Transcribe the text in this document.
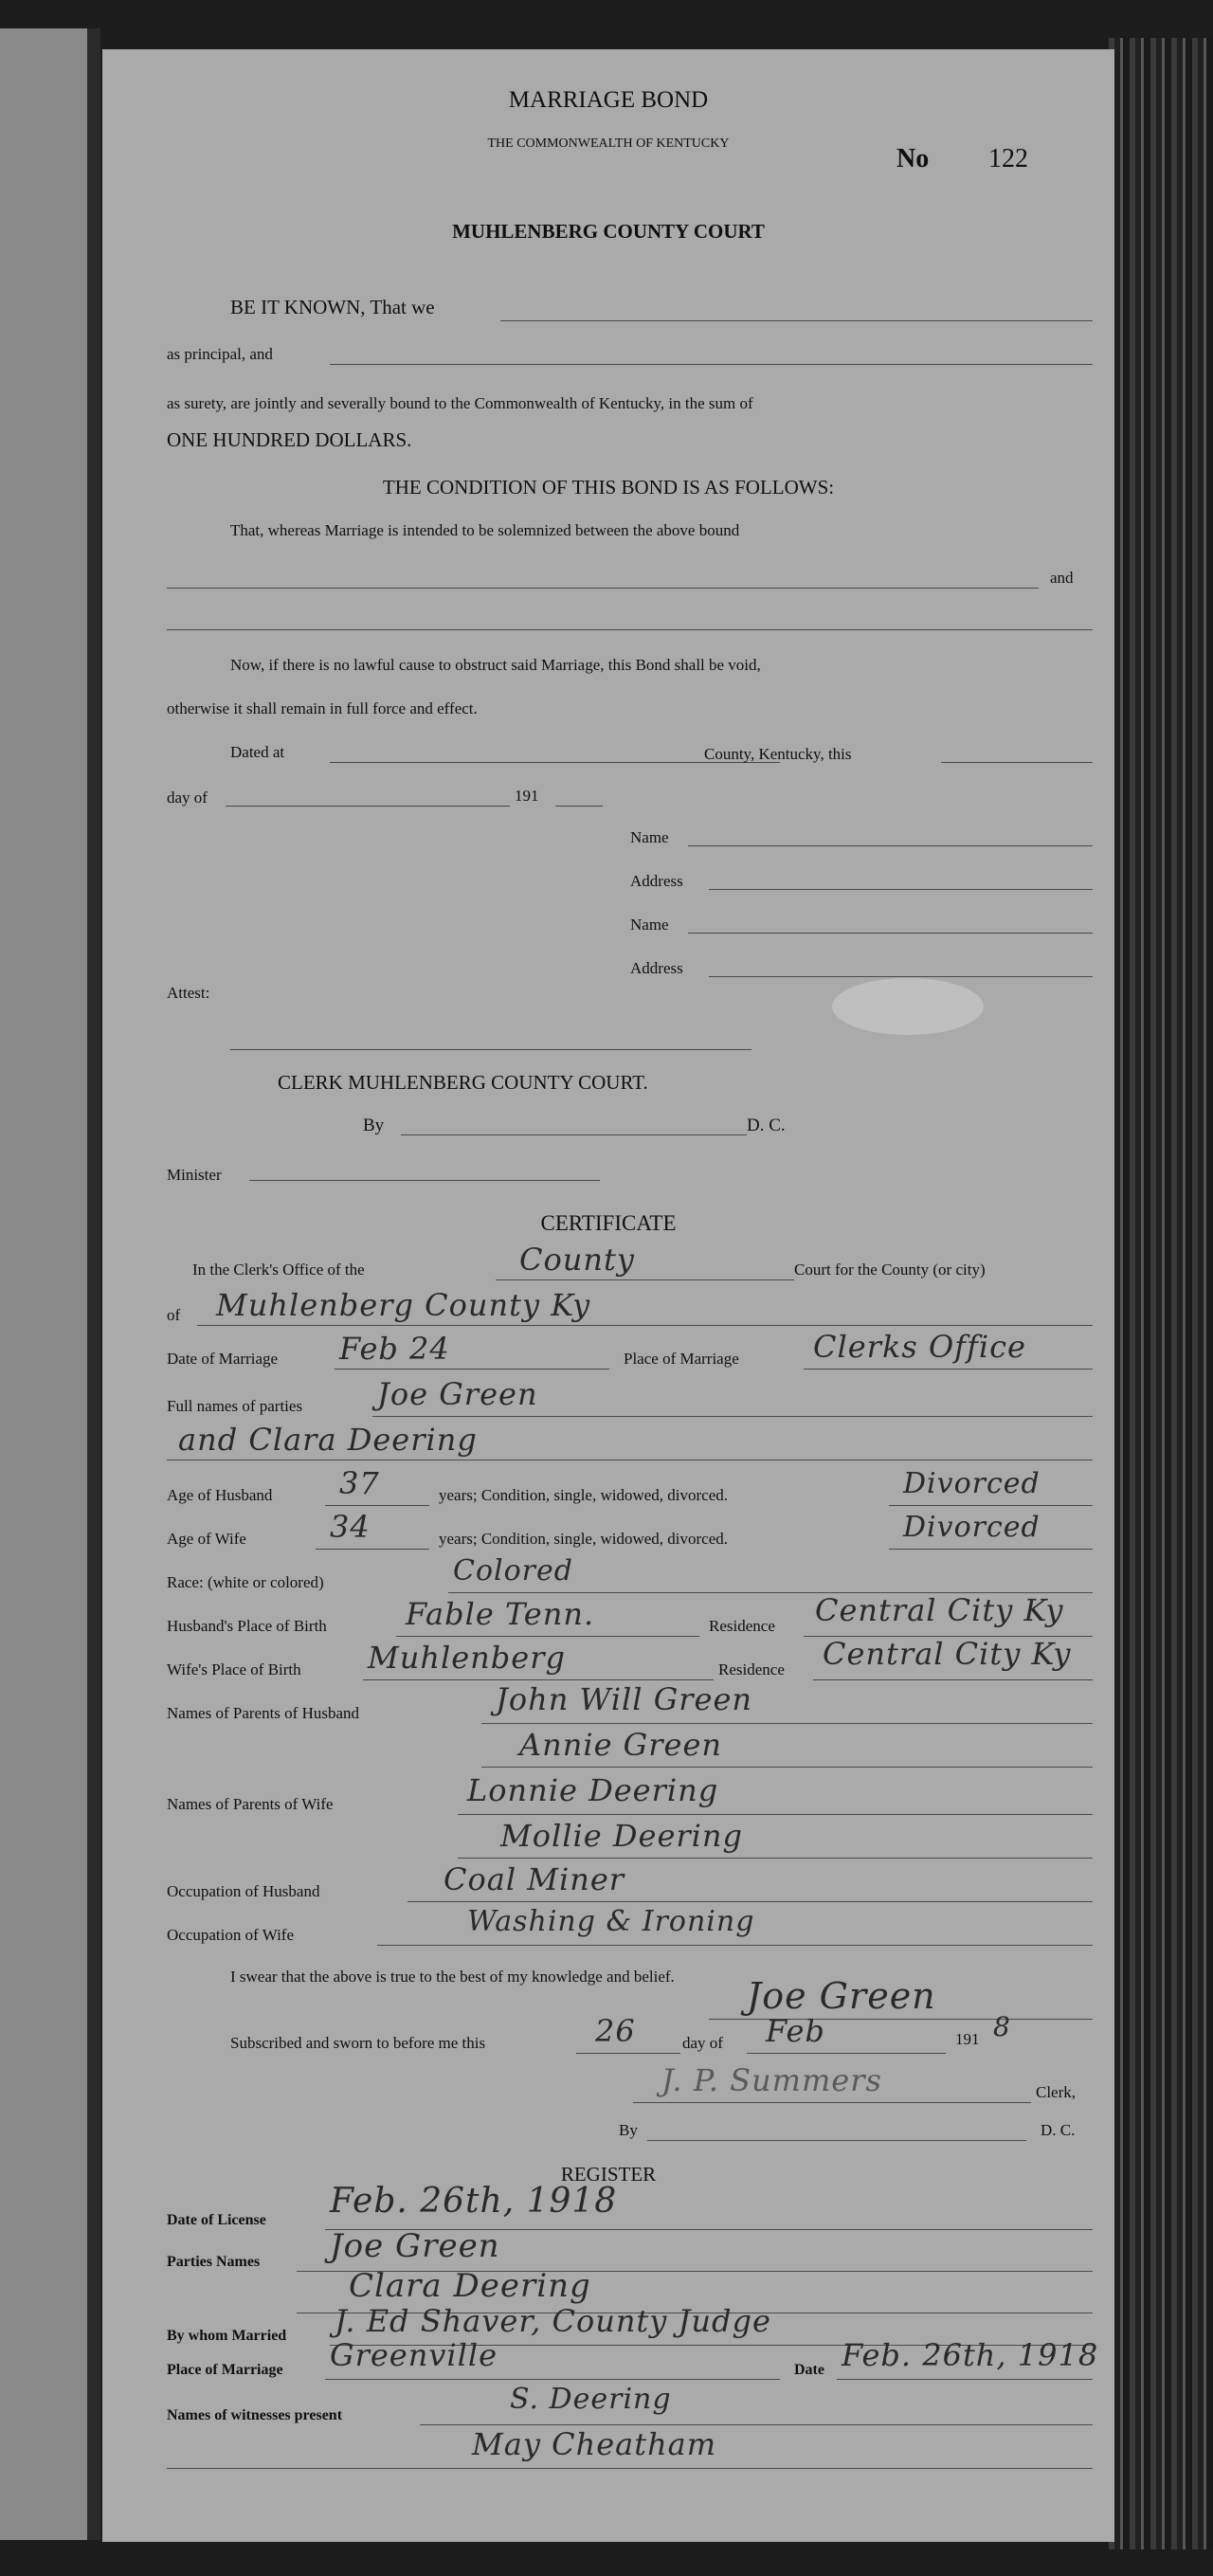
MARRIAGE BOND
THE COMMONWEALTH OF KENTUCKY
No 122
MUHLENBERG COUNTY COURT
BE IT KNOWN, That we
as principal, and
as surety, are jointly and severally bound to the Commonwealth of Kentucky, in the sum of
ONE HUNDRED DOLLARS.
THE CONDITION OF THIS BOND IS AS FOLLOWS:
That, whereas Marriage is intended to be solemnized between the above bound
and
Now, if there is no lawful cause to obstruct said Marriage, this Bond shall be void,
otherwise it shall remain in full force and effect.
Dated at	County, Kentucky, this
day of	191
Name
Address
Name
Address
Attest:
CLERK MUHLENBERG COUNTY COURT.
By	D. C.
Minister
CERTIFICATE
In the Clerk's Office of the	County	Court for the County (or city)
of Muhlenberg County Ky
Date of Marriage Feb 24	Place of Marriage Clerks Office
Full names of parties Joe Green
and Clara Deering
Age of Husband 37	years; Condition, single, widowed, divorced.	Divorced
Age of Wife	34	years; Condition, single, widowed, divorced.	Divorced
Race: (white or colored)	Colored
Husband's Place of Birth	Fable Tenn.	Residence Central City Ky
Wife's Place of Birth Muhlenberg	Residence Central City Ky
Names of Parents of Husband	John Will Green
Annie Green
Names of Parents of Wife	Lonnie Deering
Mollie Deering
Occupation of Husband	Coal Miner
Occupation of Wife	Washing & Ironing
I swear that the above is true to the best of my knowledge and belief. Joe Green
Subscribed and sworn to before me this	26	day of Feb	191 8
J. P. Summers	Clerk,
By	D. C.
REGISTER
Date of License Feb. 26th, 1918
Parties Names Joe Green
Clara Deering
By whom Married J. Ed Shaver, County Judge
Place of Marriage Greenville	Date Feb. 26th, 1918
Names of witnesses present	S. Deering
May Cheatham
